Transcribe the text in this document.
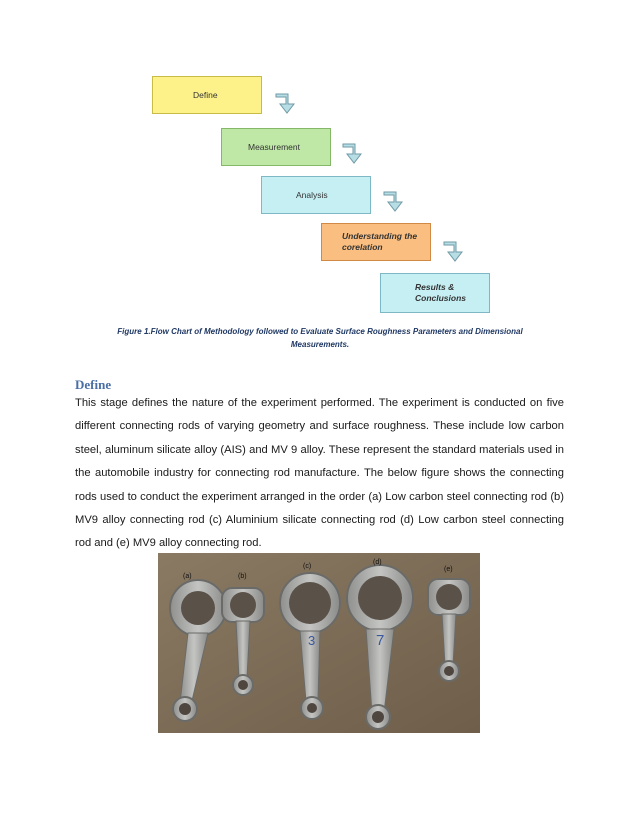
Define
Measurement
Analysis
Understanding the
corelation
Results &
Conclusions
Figure 1.Flow Chart of Methodology followed to Evaluate Surface Roughness Parameters and Dimensional
Measurements.
Define
This stage defines the nature of the experiment performed. The experiment is conducted on five different connecting rods of varying geometry and surface roughness. These include low carbon steel, aluminum silicate alloy (AIS) and MV 9 alloy. These represent the standard materials used in the automobile industry for connecting rod manufacture. The below figure shows the connecting rods used to conduct the experiment arranged in the order (a) Low carbon steel connecting rod (b) MV9 alloy connecting rod (c) Aluminium silicate connecting rod (d) Low carbon steel connecting rod and (e) MV9 alloy connecting rod.
(a)	(b)
(c)
(d)
(e)
3	7
